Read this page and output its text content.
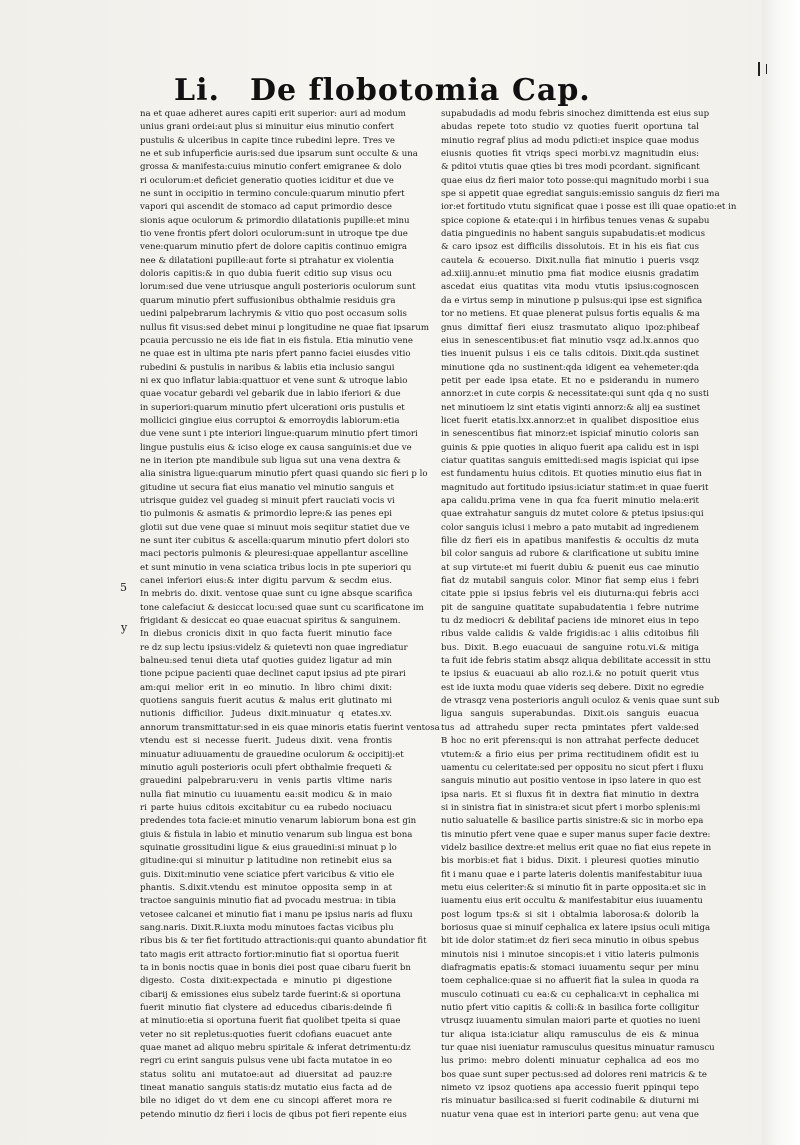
Li. De flobotomia Cap.
5
y
na et quae adheret aures capiti erit superior: auri ad modum
unius grani ordei:aut plus si minuitur eius minutio confert
pustulis & ulceribus in capite tince rubedini lepre. Tres ve
ne et sub infuperficie auris:sed due ipsarum sunt occulte & una
grossa & manifesta:cuius minutio confert emigranee & dolo
ri oculorum:et deficiet generatio quoties iciditur et due ve
ne sunt in occipitio in termino concule:quarum minutio pfert
vapori qui ascendit de stomaco ad caput primordio desce
sionis aque oculorum & primordio dilatationis pupille:et minu
tio vene frontis pfert dolori oculorum:sunt in utroque tpe due
vene:quarum minutio pfert de dolore capitis continuo emigra
nee & dilatationi pupille:aut forte si ptrahatur ex violentia
doloris capitis:& in quo dubia fuerit cditio sup visus ocu
lorum:sed due vene utriusque anguli posterioris oculorum sunt
quarum minutio pfert suffusionibus obthalmie residuis gra
uedini palpebrarum lachrymis & vitio quo post occasum solis
nullus fit visus:sed debet minui p longitudine ne quae fiat ipsarum
pcauia percussio ne eis ide fiat in eis fistula. Etia minutio vene
ne quae est in ultima pte naris pfert panno faciei eiusdes vitio
rubedini & pustulis in naribus & labiis etia inclusio sangui
ni ex quo inflatur labia:quattuor et vene sunt & utroque labio
quae vocatur gebardi vel gebarik due in labio iferiori & due
in superiori:quarum minutio pfert ulcerationi oris pustulis et
mollicici gingiue eius corruptoi & emorroydis labiorum:etia
due vene sunt i pte interiori lingue:quarum minutio pfert timori
lingue pustulis eius & iciso eloge ex causa sanguinis:et due ve
ne in iterion pte mandibule sub ligua sut una vena dextra &
alia sinistra ligue:quarum minutio pfert quasi quando sic fieri p lo
gitudine ut secura fiat eius manatio vel minutio sanguis et
utrisque guidez vel guadeg si minuit pfert rauciati vocis vi
tio pulmonis & asmatis & primordio lepre:& ias penes epi
glotii sut due vene quae si minuut mois seqiitur statiet due ve
ne sunt iter cubitus & ascella:quarum minutio pfert dolori sto
maci pectoris pulmonis & pleuresi:quae appellantur ascelline
et sunt minutio in vena sciatica tribus locis in pte superiori qu
canei inferiori eius:& inter digitu parvum & secdm eius.
In mebris do. dixit. ventose quae sunt cu igne absque scarifica
tone calefaciut & desiccat locu:sed quae sunt cu scarificatone im
frigidant & desiccat eo quae euacuat spiritus & sanguinem.
In diebus cronicis dixit in quo facta fuerit minutio face
re dz sup lectu ipsius:videlz & quietevti non quae ingrediatur
balneu:sed tenui dieta utaf quoties guidez ligatur ad min
tione pcipue pacienti quae declinet caput ipsius ad pte pirari
am:qui melior erit in eo minutio. In libro chimi dixit:
quotiens sanguis fuerit acutus & malus erit glutinato mi
nutionis difficilior. Judeus dixit.minuatur q etates.xv.
annorum transmittatur:sed in eis quae minoris etatis fuerint ventosa
vtendu est si necesse fuerit. Judeus dixit. vena frontis
minuatur adiuuamentu de grauedine oculorum & occipitij:et
minutio aguli posterioris oculi pfert obthalmie frequeti &
grauedini palpebraru:veru in venis partis vltime naris
nulla fiat minutio cu iuuamentu ea:sit modicu & in maio
ri parte huius cditois excitabitur cu ea rubedo nociuacu
predendes tota facie:et minutio venarum labiorum bona est gin
giuis & fistula in labio et minutio venarum sub lingua est bona
squinatie grossitudini ligue & eius grauedini:si minuat p lo
gitudine:qui si minuitur p latitudine non retinebit eius sa
guis. Dixit:minutio vene sciatice pfert varicibus & vitio ele
phantis. S.dixit.vtendu est minutoe opposita semp in at
tractoe sanguinis minutio fiat ad pvocadu mestrua: in tibia
vetosee calcanei et minutio fiat i manu pe ipsius naris ad fluxu
sang.naris. Dixit.R.iuxta modu minutoes factas vicibus plu
ribus bis & ter fiet fortitudo attractionis:qui quanto abundatior fit
tato magis erit attracto fortior:minutio fiat si oportua fuerit
ta in bonis noctis quae in bonis diei post quae cibaru fuerit bn
digesto. Costa dixit:expectada e minutio pi digestione
cibarij & emissiones eius subelz tarde fuerint:& si oportuna
fuerit minutio fiat clystere ad educedus cibaris:deinde fi
at minutio:etia si oportuna fuerit fiat quolibet tpeita si quae
veter no sit repletus:quoties fuerit cdofians euacuet ante
quae manet ad aliquo mebru spiritale & inferat detrimentu:dz
regri cu erint sanguis pulsus vene ubi facta mutatoe in eo
status solitu ani mutatoe:aut ad diuersitat ad pauz:re
tineat manatio sanguis statis:dz mutatio eius facta ad de
bile no idiget do vt dem ene cu sincopi afferet mora re
petendo minutio dz fieri i locis de qibus pot fieri repente eius
supabudadis ad modu febris sinochez dimittenda est eius sup
abudas repete toto studio vz quoties fuerit oportuna tal
minutio regraf plius ad modu pdicti:et inspice quae modus
eiusnis quoties fit vtriqs speci morbi.vz magnitudin eius:
& pditoi vtutis quae qties bi tres modi pcordant. significant
quae eius dz fieri maior toto posse:qui magnitudo morbi i sua
spe si appetit quae egrediat sanguis:emissio sanguis dz fieri ma
ior:et fortitudo vtutu significat quae i posse est illi quae opatio:et in
spice copione & etate:qui i in hirfibus tenues venas & supabu
datia pinguedinis no habent sanguis supabudatis:et modicus
& caro ipsoz est difficilis dissolutois. Et in his eis fiat cus
cautela & ecouerso. Dixit.nulla fiat minutio i pueris vsqz
ad.xiiij.annu:et minutio pma fiat modice eiusnis gradatim
ascedat eius quatitas vita modu vtutis ipsius:cognoscen
da e virtus semp in minutione p pulsus:qui ipse est significa
tor no metiens. Et quae plenerat pulsus fortis equalis & ma
gnus dimittaf fieri eiusz trasmutato aliquo ipoz:phibeaf
eius in senescentibus:et fiat minutio vsqz ad.lx.annos quo
ties inuenit pulsus i eis ce talis cditois. Dixit.qda sustinet
minutione qda no sustinent:qda idigent ea vehemeter:qda
petit per eade ipsa etate. Et no e psiderandu in numero
annorz:et in cute corpis & necessitate:qui sunt qda q no susti
net minutioem lz sint etatis viginti annorz:& alij ea sustinet
licet fuerit etatis.lxx.annorz:et in qualibet dispositioe eius
in senescentibus fiat minorz:et ispiciaf minutio coloris san
guinis & ppie quoties in aliquo fuerit apa calidu est in ispi
ciatur quatitas sanguis emittedi:sed magis ispiciat qui ipse
est fundamentu huius cditois. Et quoties minutio eius fiat in
magnitudo aut fortitudo ipsius:iciatur statim:et in quae fuerit
apa calidu.prima vene in qua fca fuerit minutio mela:erit
quae extrahatur sanguis dz mutet colore & ptetus ipsius:qui
color sanguis iclusi i mebro a pato mutabit ad ingredienem
filie dz fieri eis in apatibus manifestis & occultis dz muta
bil color sanguis ad rubore & clarificatione ut subitu imine
at sup virtute:et mi fuerit dubiu & puenit eus cae minutio
fiat dz mutabil sanguis color. Minor fiat semp eius i febri
citate ppie si ipsius febris vel eis diuturna:qui febris acci
pit de sanguine quatitate supabudatentia i febre nutrime
tu dz mediocri & debilitaf paciens ide minoret eius in tepo
ribus valde calidis & valde frigidis:ac i aliis cditoibus fili
bus. Dixit. B.ego euacuaui de sanguine rotu.vi.& mitiga
ta fuit ide febris statim absqz aliqua debilitate accessit in sttu
te ipsius & euacuaui ab alio roz.i.& no potuit querit vtus
est ide iuxta modu quae videris seq debere. Dixit no egredie
de vtrasqz vena posterioris anguli oculoz & venis quae sunt sub
ligua sanguis superabundas. Dixit.ois sanguis euacua
tus ad attrahedu super recta pmintates pfert valde:sed
B hoc no erit pferens:qui is non attrahat perfecte deducet
vtutem:& a firio eius per prima rectitudinem ofidit est iu
uamentu cu celeritate:sed per oppositu no sicut pfert i fluxu
sanguis minutio aut positio ventose in ipso latere in quo est
ipsa naris. Et si fluxus fit in dextra fiat minutio in dextra
si in sinistra fiat in sinistra:et sicut pfert i morbo splenis:mi
nutio saluatelle & basilice partis sinistre:& sic in morbo epa
tis minutio pfert vene quae e super manus super facie dextre:
videlz basilice dextre:et melius erit quae no fiat eius repete in
bis morbis:et fiat i bidus. Dixit. i pleuresi quoties minutio
fit i manu quae e i parte lateris dolentis manifestabitur iuua
metu eius celeriter:& si minutio fit in parte opposita:et sic in
iuamentu eius erit occultu & manifestabitur eius iuuamentu
post logum tps:& si sit i obtalmia laborosa:& dolorib la
boriosus quae si minuif cephalica ex latere ipsius oculi mitiga
bit ide dolor statim:et dz fieri seca minutio in oibus spebus
minutois nisi i minutoe sincopis:et i vitio lateris pulmonis
diafragmatis epatis:& stomaci iuuamentu sequr per minu
toem cephalice:quae si no affuerit fiat la sulea in quoda ra
musculo cotinuati cu ea:& cu cephalica:vt in cephalica mi
nutio pfert vitio capitis & colli:& in basilica forte colligitur
vtrusqz iuuamentu simulan maiori parte et quoties no iueni
tur aliqua ista:iciatur aliqu ramusculus de eis & minua
tur quae nisi iueniatur ramusculus quesitus minuatur ramuscu
lus primo: mebro dolenti minuatur cephalica ad eos mo
bos quae sunt super pectus:sed ad dolores reni matricis & te
nimeto vz ipsoz quotiens apa accessio fuerit ppinqui tepo
ris minuatur basilica:sed si fuerit codinabile & diuturni mi
nuatur vena quae est in interiori parte genu: aut vena que
